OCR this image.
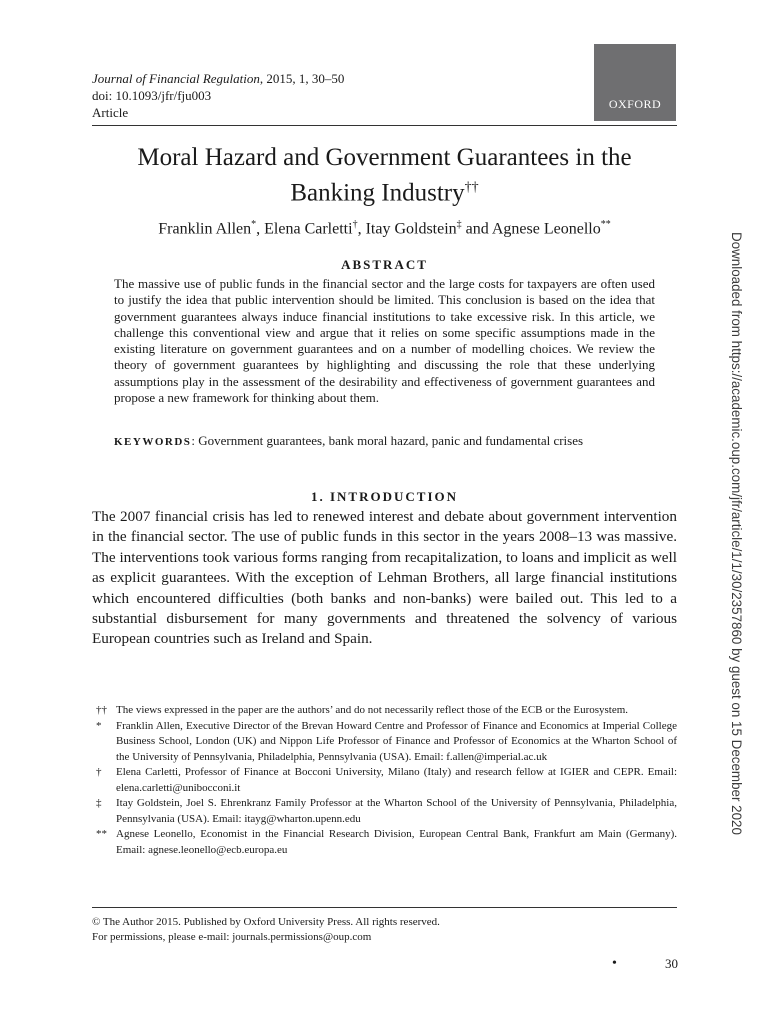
Journal of Financial Regulation, 2015, 1, 30–50
doi: 10.1093/jfr/fju003
Article
OXFORD
Moral Hazard and Government Guarantees in the Banking Industry††
Franklin Allen*, Elena Carletti†, Itay Goldstein‡ and Agnese Leonello**
ABSTRACT

The massive use of public funds in the financial sector and the large costs for taxpayers are often used to justify the idea that public intervention should be limited. This conclusion is based on the idea that government guarantees always induce financial institutions to take excessive risk. In this article, we challenge this conventional view and argue that it relies on some specific assumptions made in the existing literature on government guarantees and on a number of modelling choices. We review the theory of government guarantees by highlighting and discussing the role that these underlying assumptions play in the assessment of the desirability and effectiveness of government guarantees and propose a new framework for thinking about them.

KEYWORDS: Government guarantees, bank moral hazard, panic and fundamental crises
1. INTRODUCTION

The 2007 financial crisis has led to renewed interest and debate about government intervention in the financial sector. The use of public funds in this sector in the years 2008–13 was massive. The interventions took various forms ranging from recapitalization, to loans and implicit as well as explicit guarantees. With the exception of Lehman Brothers, all large financial institutions which encountered difficulties (both banks and non-banks) were bailed out. This led to a substantial disbursement for many governments and threatened the solvency of various European countries such as Ireland and Spain.

†† The views expressed in the paper are the authors’ and do not necessarily reflect those of the ECB or the Eurosystem.
*	Franklin Allen, Executive Director of the Brevan Howard Centre and Professor of Finance and Economics at Imperial College Business School, London (UK) and Nippon Life Professor of Finance and Professor of Economics at the Wharton School of the University of Pennsylvania, Philadelphia, Pennsylvania (USA). Email: f.allen@imperial.ac.uk
†	Elena Carletti, Professor of Finance at Bocconi University, Milano (Italy) and research fellow at IGIER and CEPR. Email: elena.carletti@unibocconi.it
‡	Itay Goldstein, Joel S. Ehrenkranz Family Professor at the Wharton School of the University of Pennsylvania, Philadelphia, Pennsylvania (USA). Email: itayg@wharton.upenn.edu
** Agnese Leonello, Economist in the Financial Research Division, European Central Bank, Frankfurt am Main (Germany). Email: agnese.leonello@ecb.europa.eu
© The Author 2015. Published by Oxford University Press. All rights reserved.
For permissions, please e-mail: journals.permissions@oup.com
•	30
Downloaded from https://academic.oup.com/jfr/article/1/1/30/2357860 by guest on 15 December 2020
